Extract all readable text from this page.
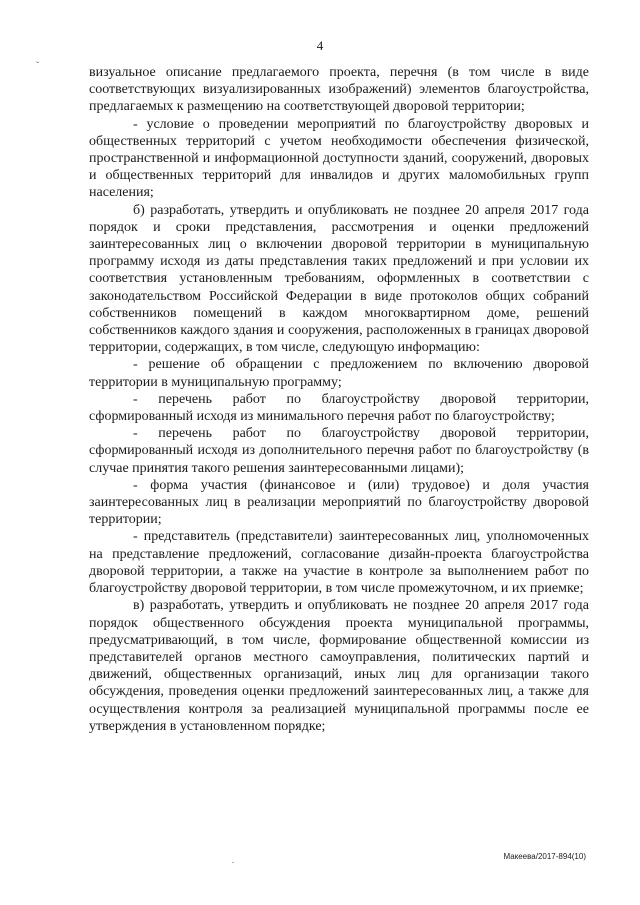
4
ˇ	визуальное описание предлагаемого проекта, перечня (в том числе в виде соответствующих визуализированных изображений) элементов благоустройства, предлагаемых к размещению на соответствующей дворовой территории;

- условие о проведении мероприятий по благоустройству дворовых и общественных территорий с учетом необходимости обеспечения физической, пространственной и информационной доступности зданий, сооружений, дворовых и общественных территорий для инвалидов и других маломобильных групп населения;

б) разработать, утвердить и опубликовать не позднее 20 апреля 2017 года порядок и сроки представления, рассмотрения и оценки предложений заинтересованных лиц о включении дворовой территории в муниципальную программу исходя из даты представления таких предложений и при условии их соответствия установленным требованиям, оформленных в соответствии с законодательством Российской Федерации в виде протоколов общих собраний собственников помещений в каждом многоквартирном доме, решений собственников каждого здания и сооружения, расположенных в границах дворовой территории, содержащих, в том числе, следующую информацию:

- решение об обращении с предложением по включению дворовой территории в муниципальную программу;

- перечень работ по благоустройству дворовой территории, сформированный исходя из минимального перечня работ по благоустройству;

- перечень работ по благоустройству дворовой территории, сформированный исходя из дополнительного перечня работ по благоустройству (в случае принятия такого решения заинтересованными лицами);

- форма участия (финансовое и (или) трудовое) и доля участия заинтересованных лиц в реализации мероприятий по благоустройству дворовой территории;

- представитель (представители) заинтересованных лиц, уполномоченных на представление предложений, согласование дизайн-проекта благоустройства дворовой территории, а также на участие в контроле за выполнением работ по благоустройству дворовой территории, в том числе промежуточном, и их приемке;

в) разработать, утвердить и опубликовать не позднее 20 апреля 2017 года порядок общественного обсуждения проекта муниципальной программы, предусматривающий, в том числе, формирование общественной комиссии из представителей органов местного самоуправления, политических партий и движений, общественных организаций, иных лиц для организации такого обсуждения, проведения оценки предложений заинтересованных лиц, а также для осуществления контроля за реализацией муниципальной программы после ее утверждения в установленном порядке;

Макеева/2017-894(10)
